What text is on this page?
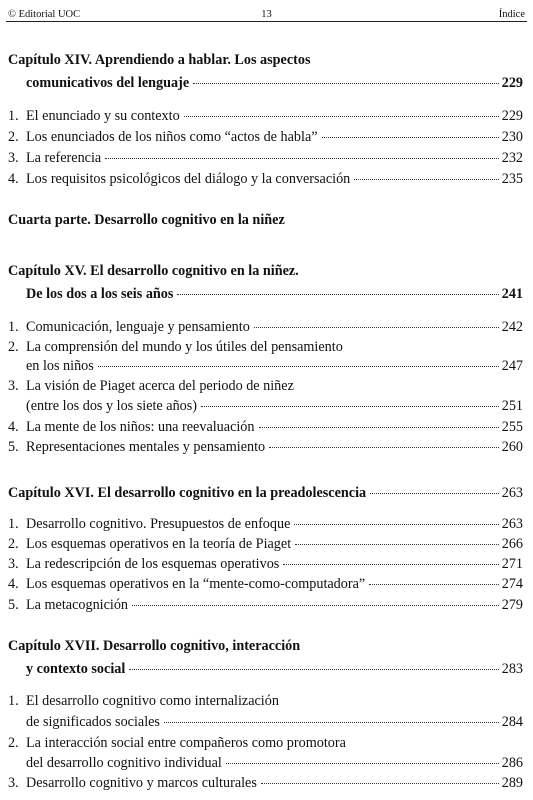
© Editorial UOC	13	Índice
Capítulo XIV. Aprendiendo a hablar. Los aspectos
comunicativos del lenguaje	229
1. El enunciado y su contexto	229
2. Los enunciados de los niños como “actos de habla”	230
3. La referencia	232
4. Los requisitos psicológicos del diálogo y la conversación	235
Cuarta parte. Desarrollo cognitivo en la niñez
Capítulo XV. El desarrollo cognitivo en la niñez.
De los dos a los seis años	241
1. Comunicación, lenguaje y pensamiento	242
2. La comprensión del mundo y los útiles del pensamiento
en los niños	247
3. La visión de Piaget acerca del periodo de niñez
(entre los dos y los siete años)	251
4. La mente de los niños: una reevaluación	255
5. Representaciones mentales y pensamiento	260
Capítulo XVI. El desarrollo cognitivo en la preadolescencia	263
1. Desarrollo cognitivo. Presupuestos de enfoque	263
2. Los esquemas operativos en la teoría de Piaget	266
3. La redescripción de los esquemas operativos	271
4. Los esquemas operativos en la “mente-como-computadora”	274
5. La metacognición	279
Capítulo XVII. Desarrollo cognitivo, interacción
y contexto social	283
1. El desarrollo cognitivo como internalización
de significados sociales	284
2. La interacción social entre compañeros como promotora
del desarrollo cognitivo individual	286
3. Desarrollo cognitivo y marcos culturales	289
